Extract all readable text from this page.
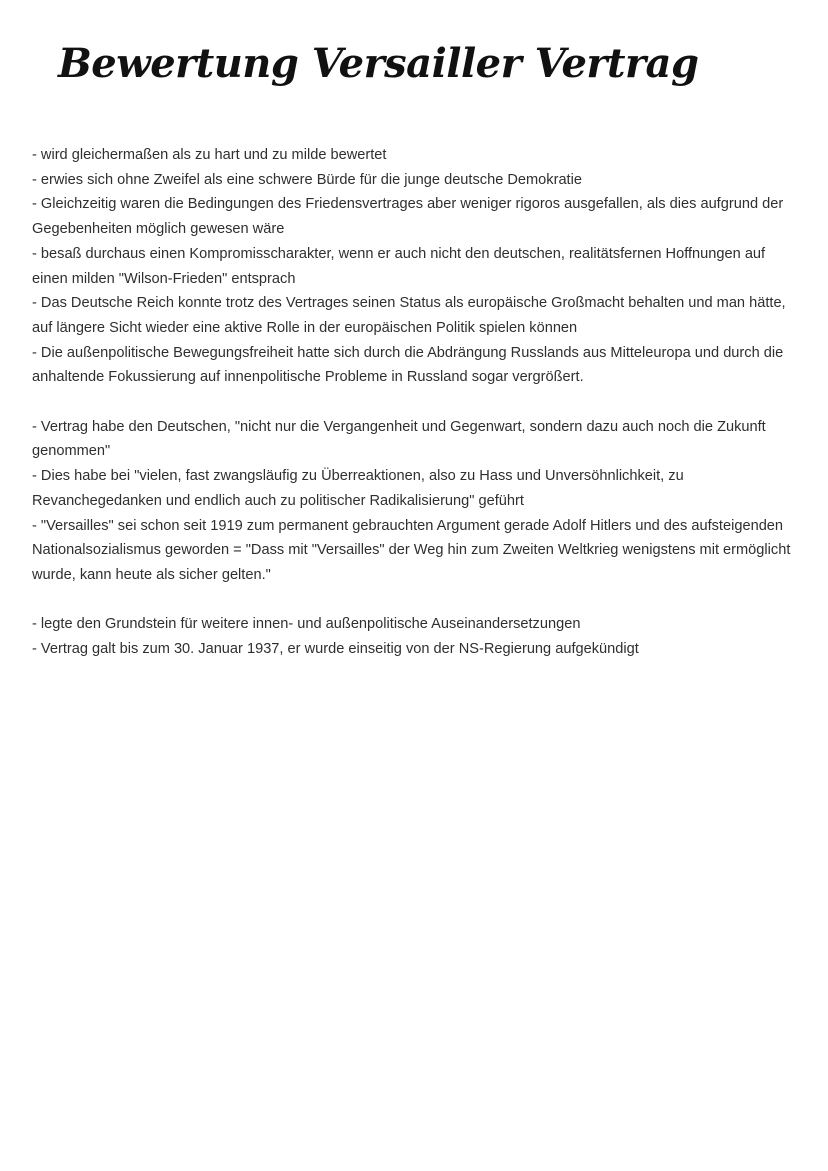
Bewertung Versailler Vertrag

- wird gleichermaßen als zu hart und zu milde bewertet

- erwies sich ohne Zweifel als eine schwere Bürde für die junge deutsche Demokratie

- Gleichzeitig waren die Bedingungen des Friedensvertrages aber weniger rigoros ausgefallen, als dies aufgrund der Gegebenheiten möglich gewesen wäre

- besaß durchaus einen Kompromisscharakter, wenn er auch nicht den deutschen, realitätsfernen Hoffnungen auf einen milden "Wilson-Frieden" entsprach

- Das Deutsche Reich konnte trotz des Vertrages seinen Status als europäische Großmacht behalten und man hätte, auf längere Sicht wieder eine aktive Rolle in der europäischen Politik spielen können

- Die außenpolitische Bewegungsfreiheit hatte sich durch die Abdrängung Russlands aus Mitteleuropa und durch die anhaltende Fokussierung auf innenpolitische Probleme in Russland sogar vergrößert.

- Vertrag habe den Deutschen, "nicht nur die Vergangenheit und Gegenwart, sondern dazu auch noch die Zukunft genommen"

- Dies habe bei "vielen, fast zwangsläufig zu Überreaktionen, also zu Hass und Unversöhnlichkeit, zu Revanchegedanken und endlich auch zu politischer Radikalisierung" geführt

- "Versailles" sei schon seit 1919 zum permanent gebrauchten Argument gerade Adolf Hitlers und des aufsteigenden Nationalsozialismus geworden = "Dass mit "Versailles" der Weg hin zum Zweiten Weltkrieg wenigstens mit ermöglicht wurde, kann heute als sicher gelten."

- legte den Grundstein für weitere innen- und außenpolitische Auseinandersetzungen

- Vertrag galt bis zum 30. Januar 1937, er wurde einseitig von der NS-Regierung aufgekündigt
